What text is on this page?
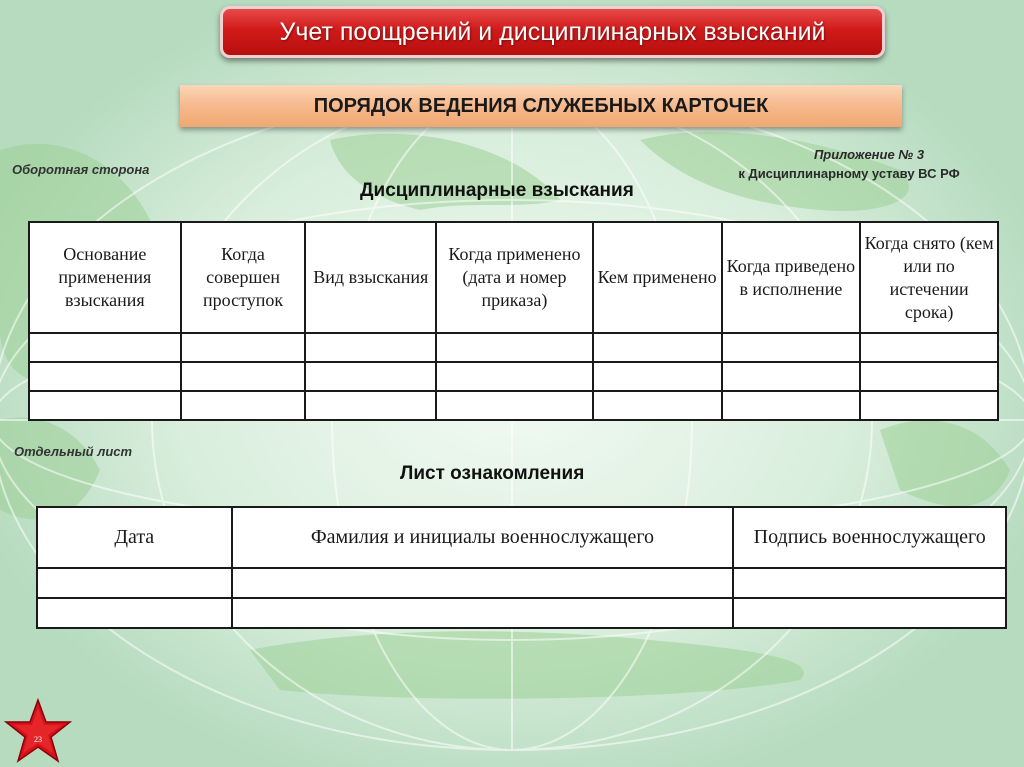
Учет поощрений и дисциплинарных взысканий
ПОРЯДОК ВЕДЕНИЯ СЛУЖЕБНЫХ КАРТОЧЕК
Оборотная сторона
Приложение № 3
к Дисциплинарному уставу ВС РФ
Дисциплинарные взыскания
Основание применения взыскания	Когда совершен проступок	Вид взыскания	Когда применено (дата и номер приказа)	Кем применено	Когда приведено в исполнение	Когда снято (кем или по истечении срока)

Отдельный лист
Лист ознакомления
Дата	Фамилия и инициалы военнослужащего	Подпись военнослужащего

23
